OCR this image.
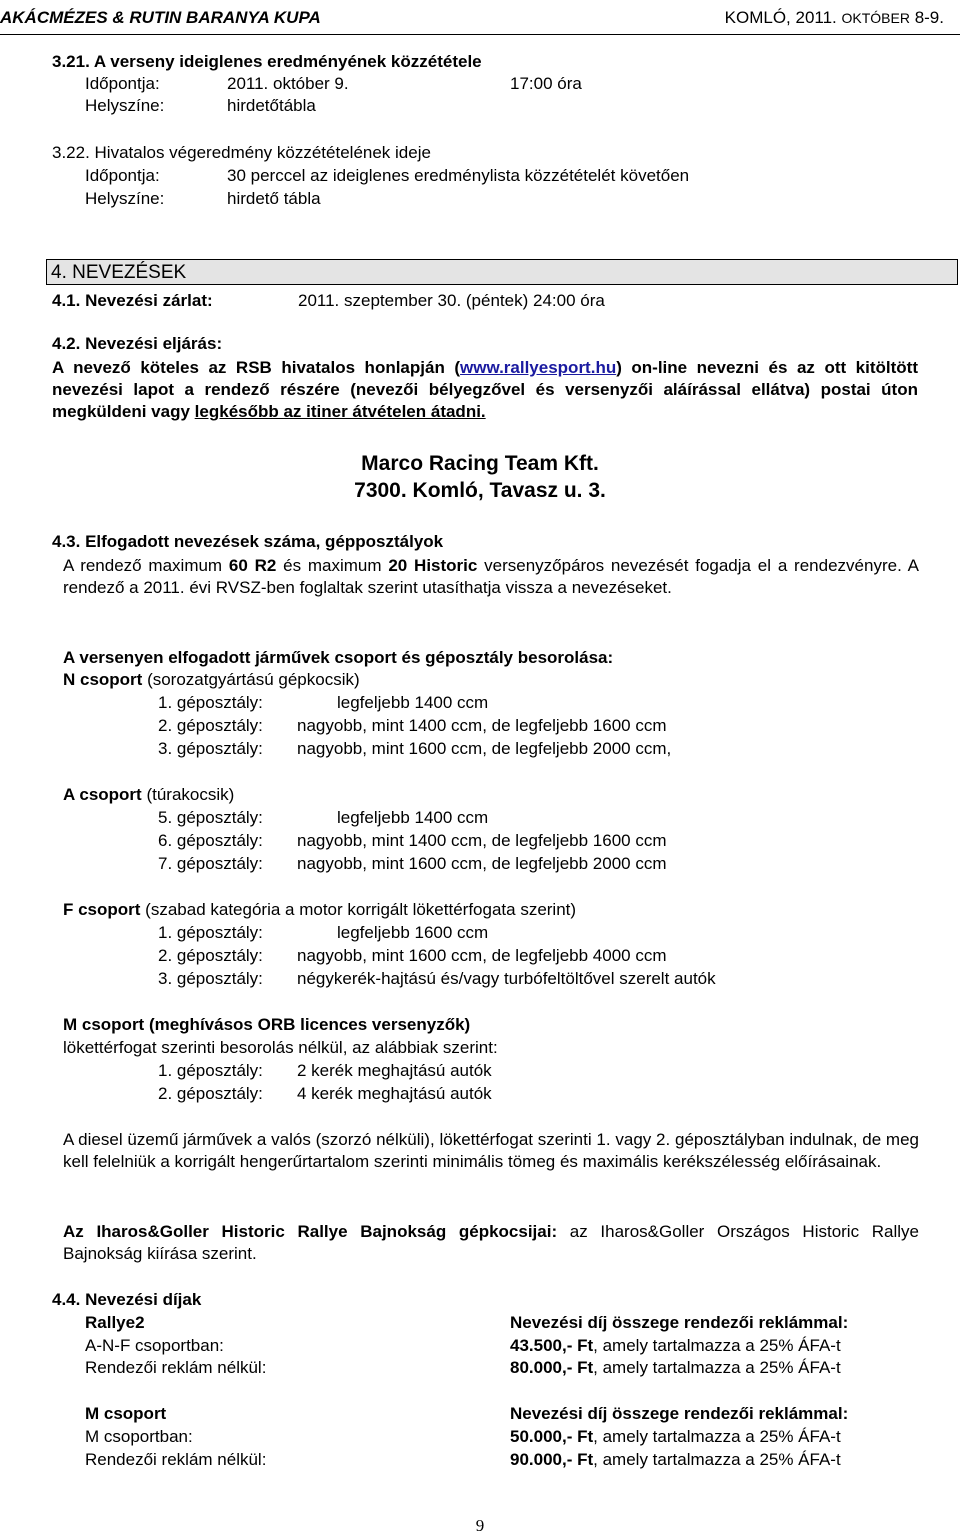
AKÁCMÉZES & RUTIN BARANYA KUPA	KOMLÓ, 2011. OKTÓBER 8-9.
3.21. A verseny ideiglenes eredményének közzététele
Időpontja:	2011. október 9.	17:00 óra
Helyszíne:	hirdetőtábla
3.22. Hivatalos végeredmény közzétételének ideje
Időpontja:	30 perccel az ideiglenes eredménylista közzétételét követően
Helyszíne:	hirdető tábla
4. NEVEZÉSEK
4.1. Nevezési zárlat:	2011. szeptember 30. (péntek) 24:00 óra
4.2. Nevezési eljárás:
A nevező köteles az RSB hivatalos honlapján (www.rallyesport.hu) on-line nevezni és az ott kitöltött nevezési lapot a rendező részére (nevezői bélyegzővel és versenyzői aláírással ellátva) postai úton megküldeni vagy legkésőbb az itiner átvételen átadni.
Marco Racing Team Kft.
7300. Komló, Tavasz u. 3.
4.3. Elfogadott nevezések száma, gépposztályok
A rendező maximum 60 R2 és maximum 20 Historic versenyzőpáros nevezését fogadja el a rendezvényre. A rendező a 2011. évi RVSZ-ben foglaltak szerint utasíthatja vissza a nevezéseket.
A versenyen elfogadott járművek csoport és géposztály besorolása:
N csoport (sorozatgyártású gépkocsik)
1. géposztály:	legfeljebb 1400 ccm
2. géposztály: nagyobb, mint 1400 ccm, de legfeljebb 1600 ccm
3. géposztály: nagyobb, mint 1600 ccm, de legfeljebb 2000 ccm,
A csoport (túrakocsik)
5. géposztály:	legfeljebb 1400 ccm
6. géposztály: nagyobb, mint 1400 ccm, de legfeljebb 1600 ccm
7. géposztály: nagyobb, mint 1600 ccm, de legfeljebb 2000 ccm
F csoport (szabad kategória a motor korrigált lökettérfogata szerint)
1. géposztály:	legfeljebb 1600 ccm
2. géposztály: nagyobb, mint 1600 ccm, de legfeljebb 4000 ccm
3. géposztály: négykerék-hajtású és/vagy turbófeltöltővel szerelt autók
M csoport (meghívásos ORB licences versenyzők)
lökettérfogat szerinti besorolás nélkül, az alábbiak szerint:
1. géposztály: 2 kerék meghajtású autók
2. géposztály: 4 kerék meghajtású autók
A diesel üzemű járművek a valós (szorzó nélküli), lökettérfogat szerinti 1. vagy 2. géposztályban indulnak, de meg kell felelniük a korrigált hengerűrtartalom szerinti minimális tömeg és maximális kerékszélesség előírásainak.
Az Iharos&Goller Historic Rallye Bajnokság gépkocsijai: az Iharos&Goller Országos Historic Rallye Bajnokság kiírása szerint.
4.4. Nevezési díjak
Rallye2	Nevezési díj összege rendezői reklámmal:
A-N-F csoportban:	43.500,- Ft, amely tartalmazza a 25% ÁFA-t
Rendezői reklám nélkül:	80.000,- Ft, amely tartalmazza a 25% ÁFA-t
M csoport	Nevezési díj összege rendezői reklámmal:
M csoportban:	50.000,- Ft, amely tartalmazza a 25% ÁFA-t
Rendezői reklám nélkül:	90.000,- Ft, amely tartalmazza a 25% ÁFA-t
9
